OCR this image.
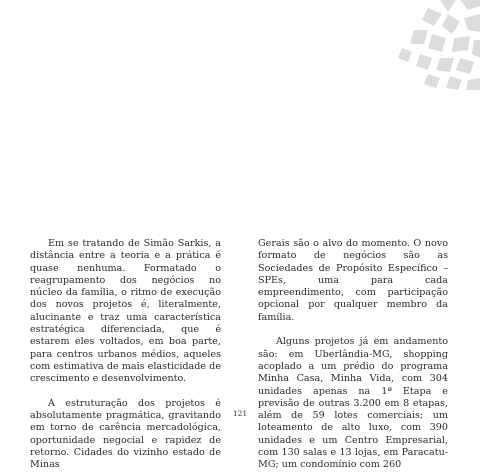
Em se tratando de Simão Sarkis, a distância entre a teoria e a prática é quase nenhuma. Formatado o reagrupamento dos negócios no núcleo da família, o ritmo de execução dos novos projetos é, literalmente, alucinante e traz uma característica estratégica diferenciada, que é estarem eles voltados, em boa parte, para centros urbanos médios, aqueles com estimativa de mais elasticidade de crescimento e desenvolvimento.

A estruturação dos projetos é absolutamente pragmática, gravitando em torno de carência mercadológica, oportunidade negocial e rapidez de retorno. Cidades do vizinho estado de Minas

Gerais são o alvo do momento. O novo formato de negócios são as Sociedades de Propósito Específico – SPEs, uma para cada empreendimento, com participação opcional por qualquer membro da família.

Alguns projetos já em andamento são: em Uberlândia-MG, shopping acoplado a um prédio do programa Minha Casa, Minha Vida, com 304 unidades apenas na 1ª Etapa e previsão de outras 3.200 em 8 etapas, além de 59 lotes comerciais; um loteamento de alto luxo, com 390 unidades e um Centro Empresarial, com 130 salas e 13 lojas, em Paracatu-MG; um condomínio com 260

121
